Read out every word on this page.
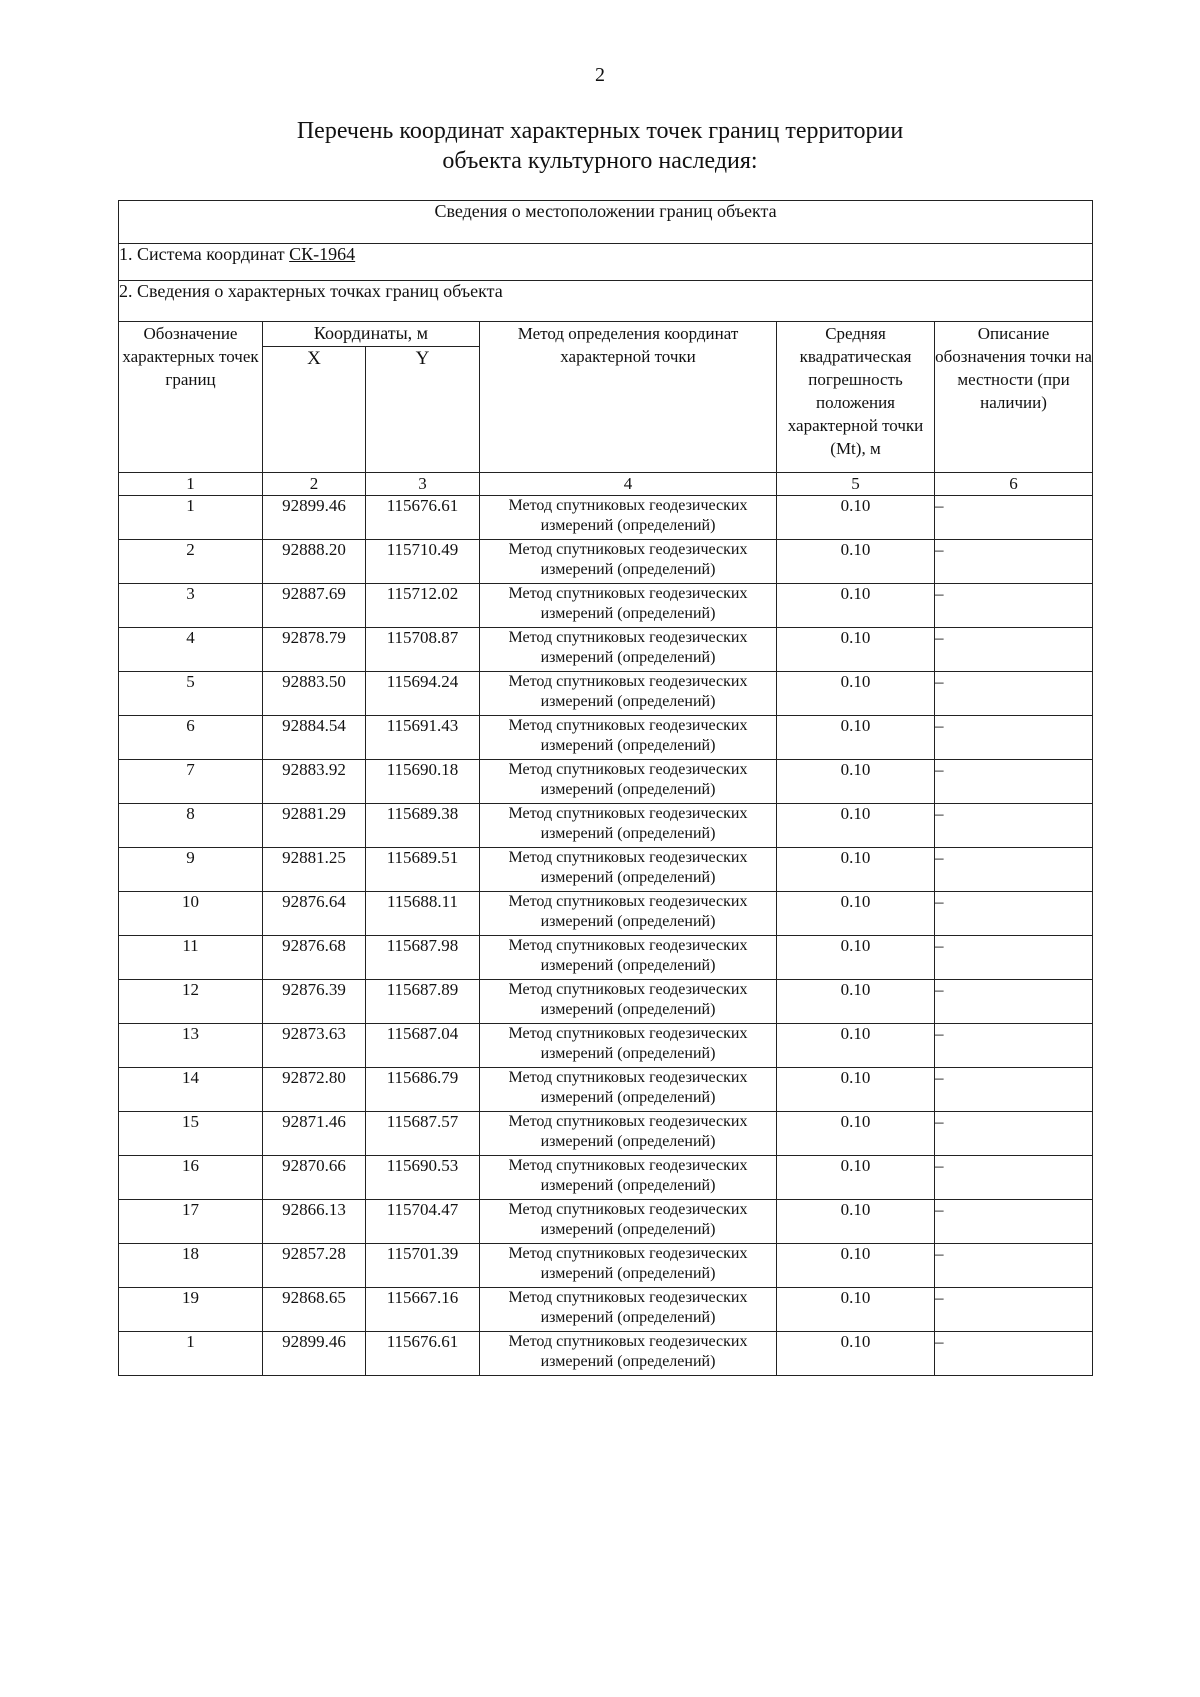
2
Перечень координат характерных точек границ территории
объекта культурного наследия:
Сведения о местоположении границ объекта					
1. Система координат СК-1964					
2. Сведения о характерных точках границ объекта					
Обозначение характерных точек границ	Координаты, м		Метод определения координат характерной точки	Средняя квадратическая погрешность положения характерной точки (Mt), м	Описание обозначения точки на местности (при наличии)
	X	Y			
1	2	3	4	5	6
1	92899.46	115676.61	Метод спутниковых геодезических измерений (определений)	0.10	–
2	92888.20	115710.49	Метод спутниковых геодезических измерений (определений)	0.10	–
3	92887.69	115712.02	Метод спутниковых геодезических измерений (определений)	0.10	–
4	92878.79	115708.87	Метод спутниковых геодезических измерений (определений)	0.10	–
5	92883.50	115694.24	Метод спутниковых геодезических измерений (определений)	0.10	–
6	92884.54	115691.43	Метод спутниковых геодезических измерений (определений)	0.10	–
7	92883.92	115690.18	Метод спутниковых геодезических измерений (определений)	0.10	–
8	92881.29	115689.38	Метод спутниковых геодезических измерений (определений)	0.10	–
9	92881.25	115689.51	Метод спутниковых геодезических измерений (определений)	0.10	–
10	92876.64	115688.11	Метод спутниковых геодезических измерений (определений)	0.10	–
11	92876.68	115687.98	Метод спутниковых геодезических измерений (определений)	0.10	–
12	92876.39	115687.89	Метод спутниковых геодезических измерений (определений)	0.10	–
13	92873.63	115687.04	Метод спутниковых геодезических измерений (определений)	0.10	–
14	92872.80	115686.79	Метод спутниковых геодезических измерений (определений)	0.10	–
15	92871.46	115687.57	Метод спутниковых геодезических измерений (определений)	0.10	–
16	92870.66	115690.53	Метод спутниковых геодезических измерений (определений)	0.10	–
17	92866.13	115704.47	Метод спутниковых геодезических измерений (определений)	0.10	–
18	92857.28	115701.39	Метод спутниковых геодезических измерений (определений)	0.10	–
19	92868.65	115667.16	Метод спутниковых геодезических измерений (определений)	0.10	–
1	92899.46	115676.61	Метод спутниковых геодезических измерений (определений)	0.10	–
